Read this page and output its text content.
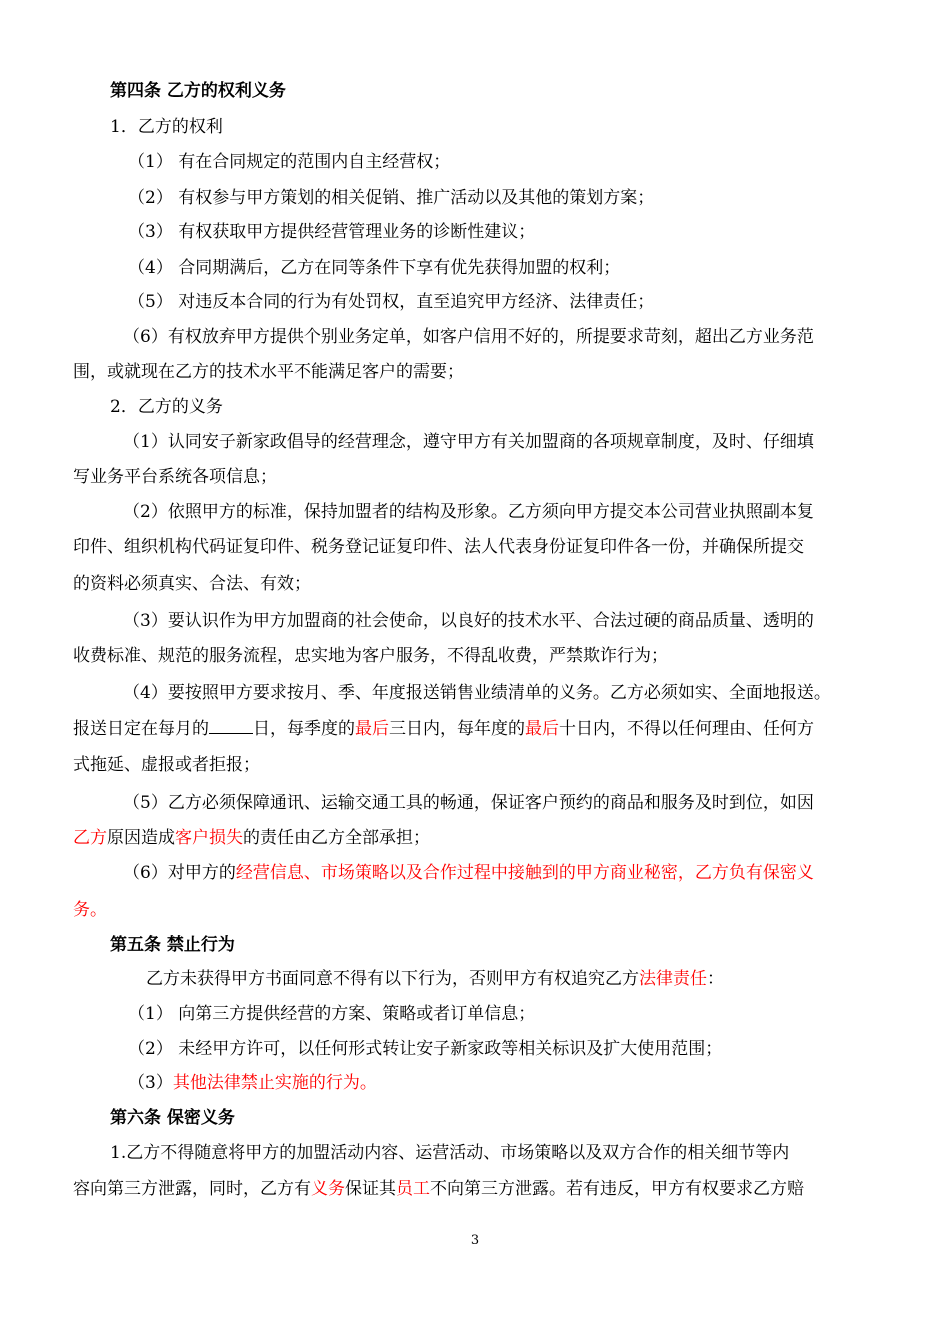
第四条 乙方的权利义务
1．乙方的权利
（1） 有在合同规定的范围内自主经营权；
（2） 有权参与甲方策划的相关促销、推广活动以及其他的策划方案；
（3） 有权获取甲方提供经营管理业务的诊断性建议；
（4） 合同期满后，乙方在同等条件下享有优先获得加盟的权利；
（5） 对违反本合同的行为有处罚权，直至追究甲方经济、法律责任；
（6）有权放弃甲方提供个别业务定单，如客户信用不好的，所提要求苛刻，超出乙方业务范
围，或就现在乙方的技术水平不能满足客户的需要；
2．乙方的义务
（1）认同安子新家政倡导的经营理念，遵守甲方有关加盟商的各项规章制度，及时、仔细填
写业务平台系统各项信息；
（2）依照甲方的标准，保持加盟者的结构及形象。乙方须向甲方提交本公司营业执照副本复
印件、组织机构代码证复印件、税务登记证复印件、法人代表身份证复印件各一份，并确保所提交
的资料必须真实、合法、有效；
（3）要认识作为甲方加盟商的社会使命，以良好的技术水平、合法过硬的商品质量、透明的
收费标准、规范的服务流程，忠实地为客户服务，不得乱收费，严禁欺诈行为；
（4）要按照甲方要求按月、季、年度报送销售业绩清单的义务。乙方必须如实、全面地报送。
报送日定在每月的	日，每季度的最后三日内，每年度的最后十日内，不得以任何理由、任何方
式拖延、虚报或者拒报；
（5）乙方必须保障通讯、运输交通工具的畅通，保证客户预约的商品和服务及时到位，如因
乙方原因造成客户损失的责任由乙方全部承担；
（6）对甲方的经营信息、市场策略以及合作过程中接触到的甲方商业秘密，乙方负有保密义
务。
第五条 禁止行为
乙方未获得甲方书面同意不得有以下行为，否则甲方有权追究乙方法律责任：
（1） 向第三方提供经营的方案、策略或者订单信息；
（2） 未经甲方许可，以任何形式转让安子新家政等相关标识及扩大使用范围；
（3）其他法律禁止实施的行为。
第六条 保密义务
1.乙方不得随意将甲方的加盟活动内容、运营活动、市场策略以及双方合作的相关细节等内
容向第三方泄露，同时，乙方有义务保证其员工不向第三方泄露。若有违反，甲方有权要求乙方赔
3
